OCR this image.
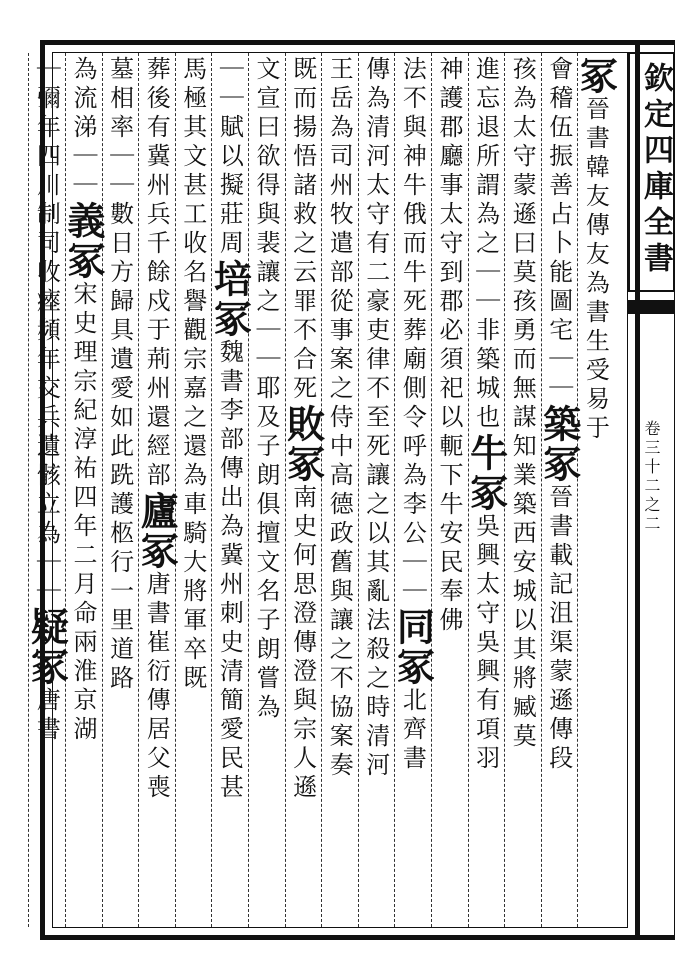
欽定四庫全書
卷三十二之二
冢晉書韓友傳友為書生受易于
會稽伍振善占卜能圖宅｜｜築冢晉書載記沮渠蒙遜傳段
孩為太守蒙遜曰莫孩勇而無謀知業築西安城以其將臧莫
進忘退所謂為之｜｜非築城也牛冢吳興太守吳興有項羽
神護郡廳事太守到郡必須祀以軛下牛安民奉佛
法不與神牛俄而牛死葬廟側令呼為李公｜｜同冢北齊書
傳為清河太守有二豪吏律不至死讓之以其亂法殺之時清河
王岳為司州牧遣部從事案之侍中高德政舊與讓之不協案奏
既而揚悟諸救之云罪不合死敗冢南史何思澄傳澄與宗人遜
文宣曰欲得與裴讓之｜｜耶及子朗俱擅文名子朗嘗為
｜｜賦以擬莊周培冢魏書李部傳出為冀州刺史清簡愛民甚
馬極其文甚工收名譽觀宗嘉之還為車騎大將軍卒既
葬後有冀州兵千餘戍于荊州還經部廬冢唐書崔衍傳居父喪
墓相率｜｜數日方歸具遺愛如此跣護柩行一里道路
為流涕｜｜義冢宋史理宗紀淳祐四年二月命兩淮京湖
｜彌年四川制司收瘞頻年交兵遺骸立為｜｜疑冢唐書
